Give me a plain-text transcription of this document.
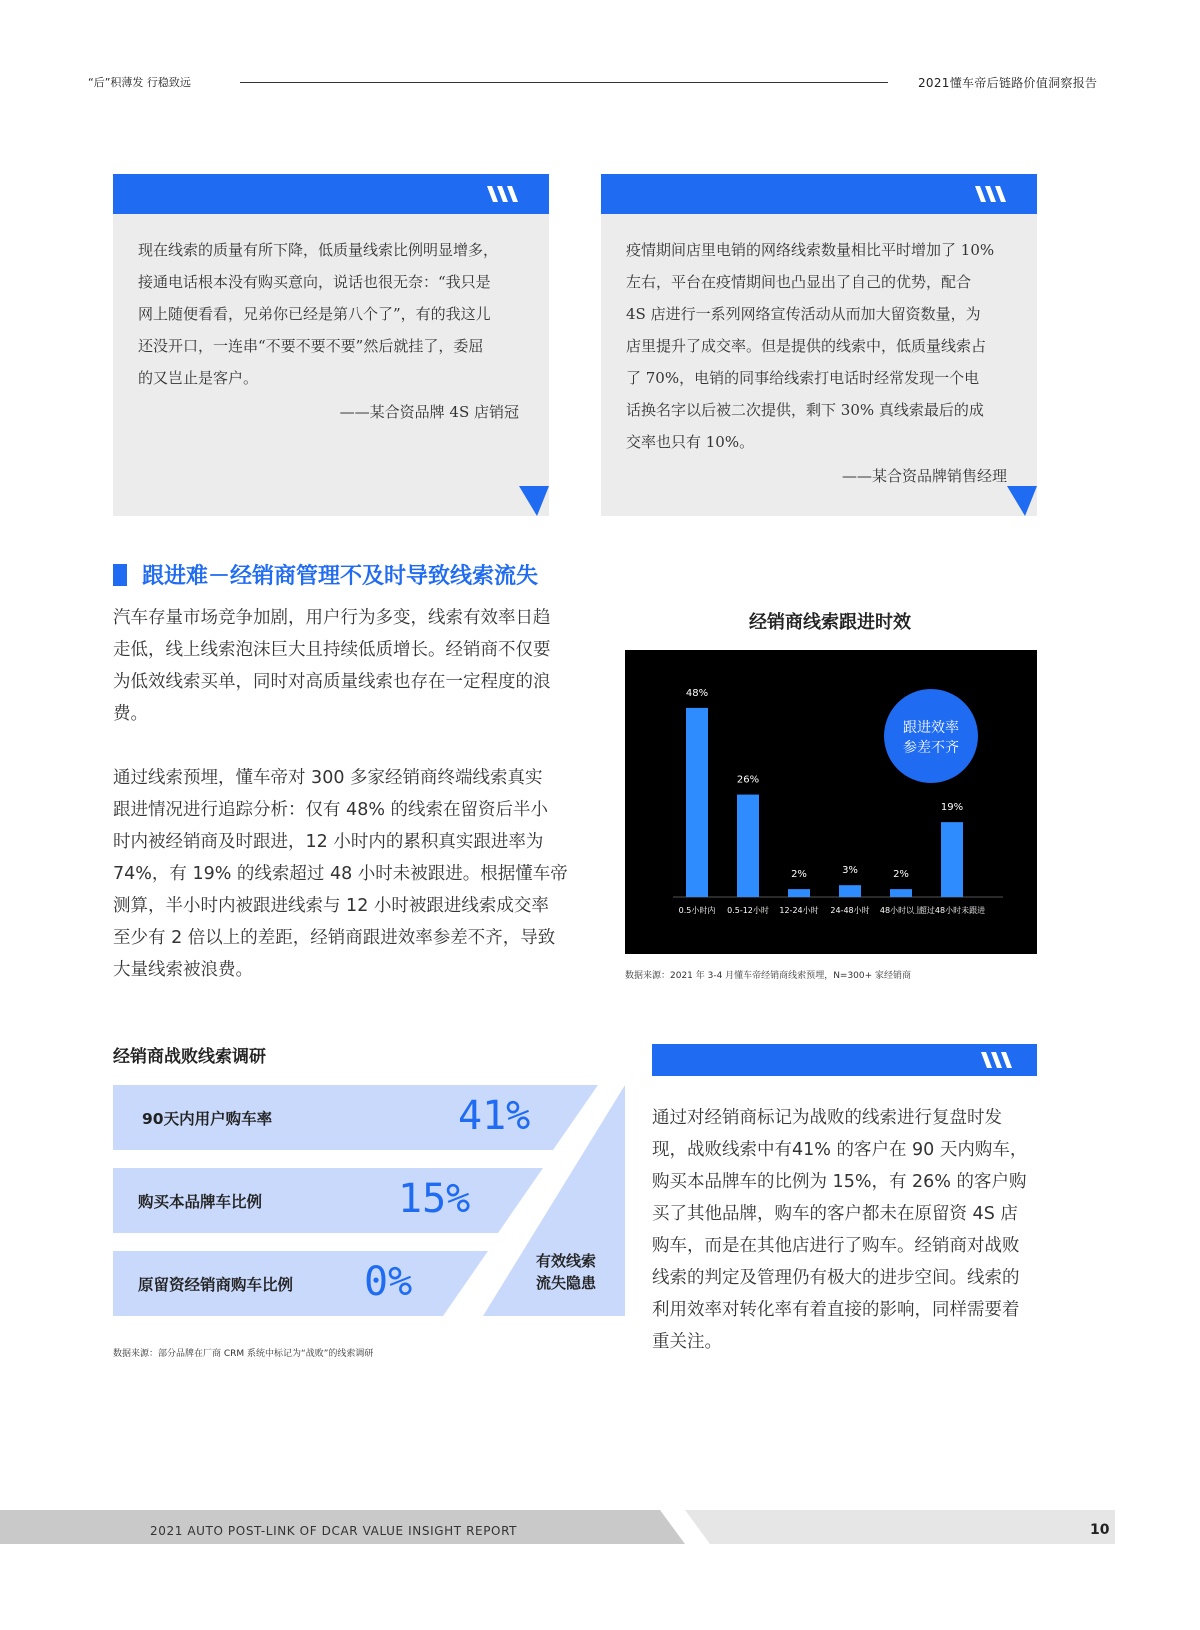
“后”积薄发 行稳致远	2021懂车帝后链路价值洞察报告
现在线索的质量有所下降，低质量线索比例明显增多，
接通电话根本没有购买意向，说话也很无奈：“我只是
网上随便看看，兄弟你已经是第八个了”，有的我这儿
还没开口，一连串“不要不要不要”然后就挂了，委屈
的又岂止是客户。
——某合资品牌 4S 店销冠
疫情期间店里电销的网络线索数量相比平时增加了 10%
左右，平台在疫情期间也凸显出了自己的优势，配合
4S 店进行一系列网络宣传活动从而加大留资数量，为
店里提升了成交率。但是提供的线索中，低质量线索占
了 70%，电销的同事给线索打电话时经常发现一个电
话换名字以后被二次提供，剩下 30% 真线索最后的成
交率也只有 10%。
——某合资品牌销售经理
跟进难－经销商管理不及时导致线索流失
汽车存量市场竞争加剧，用户行为多变，线索有效率日趋
走低，线上线索泡沫巨大且持续低质增长。经销商不仅要
为低效线索买单，同时对高质量线索也存在一定程度的浪
费。
通过线索预埋，懂车帝对 300 多家经销商终端线索真实
跟进情况进行追踪分析：仅有 48% 的线索在留资后半小
时内被经销商及时跟进，12 小时内的累积真实跟进率为
74%，有 19% 的线索超过 48 小时未被跟进。根据懂车帝
测算，半小时内被跟进线索与 12 小时被跟进线索成交率
至少有 2 倍以上的差距，经销商跟进效率参差不齐，导致
大量线索被浪费。
经销商线索跟进时效
跟进效率
参差不齐
48%
0.5小时内
26%
0.5-12小时
2%
12-24小时
3%
24-48小时
2%
48小时以上
19%
超过48小时未跟进
数据来源：2021 年 3-4 月懂车帝经销商线索预埋，N=300+ 家经销商
经销商战败线索调研
90天内用户购车率	41%
购买本品牌车比例	15%
原留资经销商购车比例 0%	有效线索
流失隐患
数据来源：部分品牌在厂商 CRM 系统中标记为“战败”的线索调研
通过对经销商标记为战败的线索进行复盘时发
现，战败线索中有41% 的客户在 90 天内购车，
购买本品牌车的比例为 15%，有 26% 的客户购
买了其他品牌，购车的客户都未在原留资 4S 店
购车，而是在其他店进行了购车。经销商对战败
线索的判定及管理仍有极大的进步空间。线索的
利用效率对转化率有着直接的影响，同样需要着
重关注。
2021 AUTO POST-LINK OF DCAR VALUE INSIGHT REPORT	10
